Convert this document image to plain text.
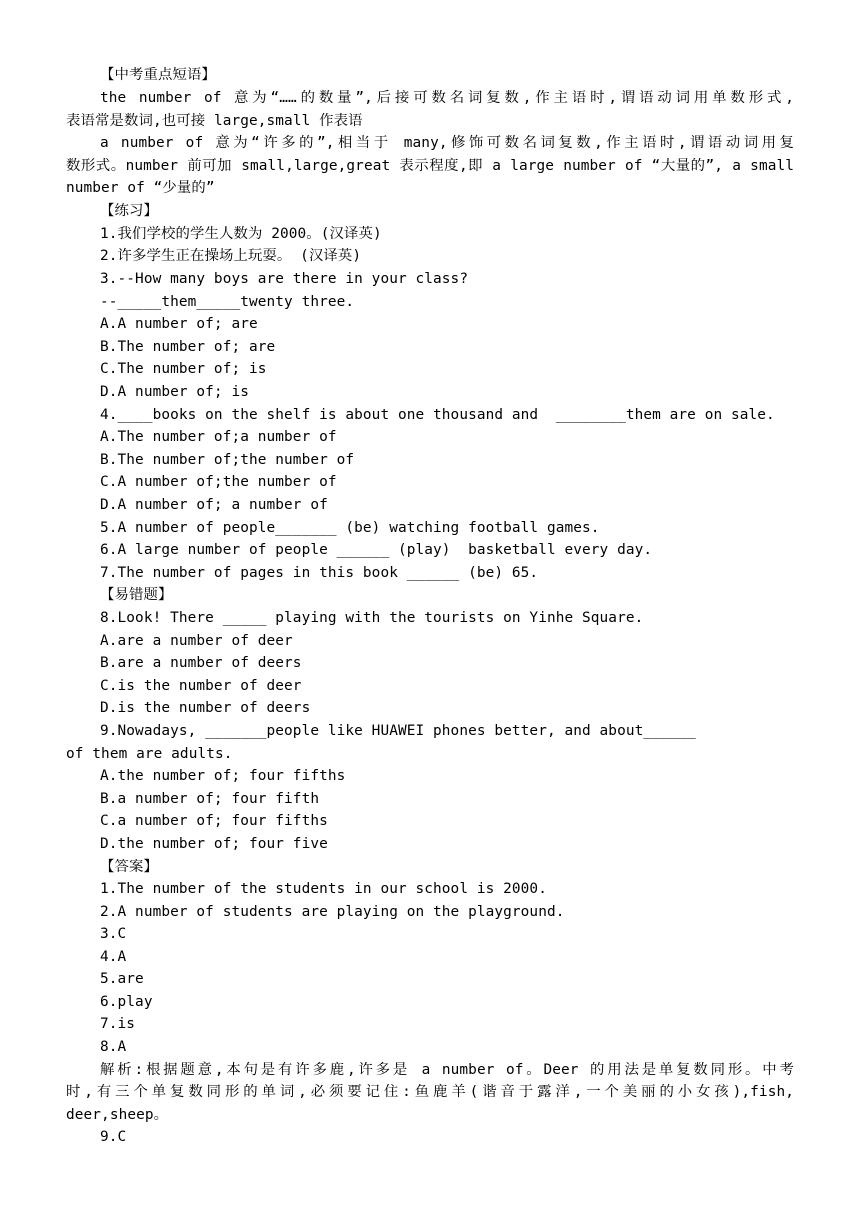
【中考重点短语】
the number of 意为“……的数量”,后接可数名词复数,作主语时,谓语动词用单数形式,
表语常是数词,也可接 large,small 作表语
a number of 意为“许多的”,相当于 many,修饰可数名词复数,作主语时,谓语动词用复
数形式。number 前可加 small,large,great 表示程度,即 a large number of “大量的”, a small
number of “少量的”
【练习】
1.我们学校的学生人数为 2000。(汉译英)
2.许多学生正在操场上玩耍。 (汉译英)
3.--How many boys are there in your class?
--_____them_____twenty three.
A.A number of; are
B.The number of; are
C.The number of; is
D.A number of; is
4.____books on the shelf is about one thousand and  ________them are on sale.
A.The number of;a number of
B.The number of;the number of
C.A number of;the number of
D.A number of; a number of
5.A number of people_______ (be) watching football games.
6.A large number of people ______ (play)  basketball every day.
7.The number of pages in this book ______ (be) 65.
【易错题】
8.Look! There _____ playing with the tourists on Yinhe Square.
A.are a number of deer
B.are a number of deers
C.is the number of deer
D.is the number of deers
9.Nowadays, _______people like HUAWEI phones better, and about______
of them are adults.
A.the number of; four fifths
B.a number of; four fifth
C.a number of; four fifths
D.the number of; four five
【答案】
1.The number of the students in our school is 2000.
2.A number of students are playing on the playground.
3.C
4.A
5.are
6.play
7.is
8.A
解析:根据题意,本句是有许多鹿,许多是 a number of。Deer 的用法是单复数同形。中考
时,有三个单复数同形的单词,必须要记住:鱼鹿羊(谐音于露洋,一个美丽的小女孩),fish,
deer,sheep。
9.C
